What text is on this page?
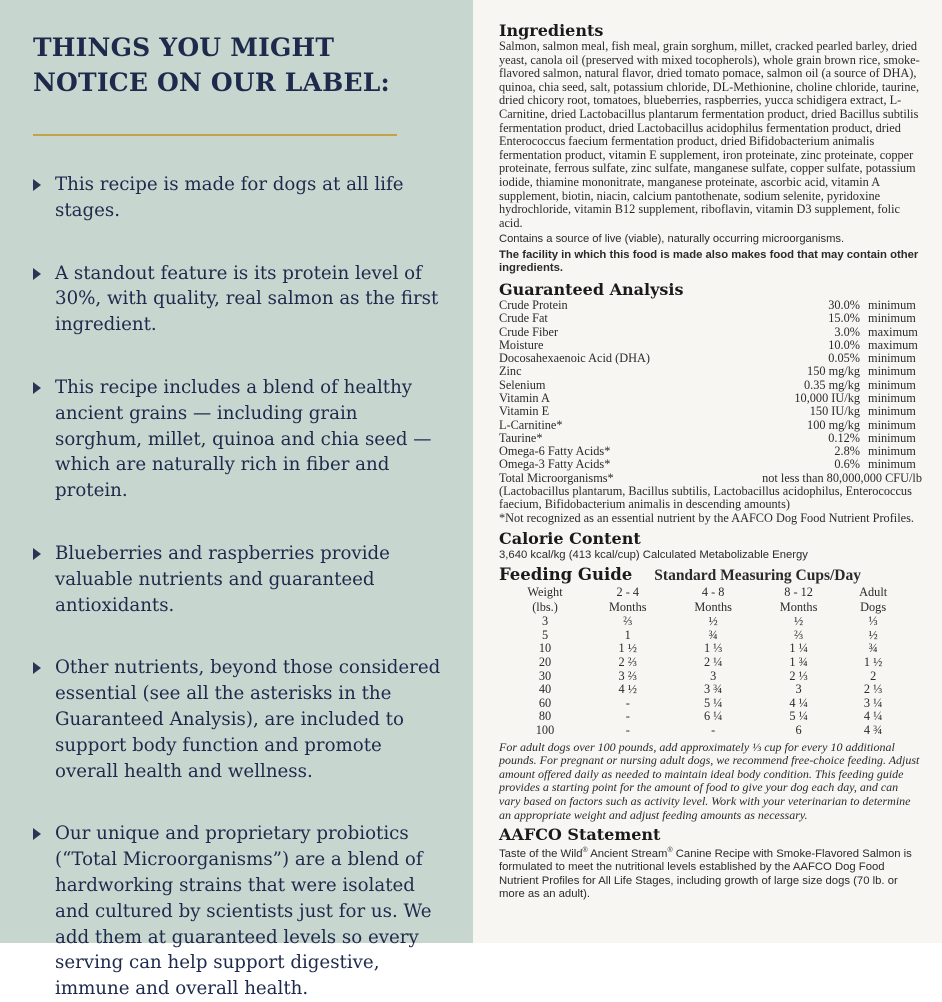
THINGS YOU MIGHT
NOTICE ON OUR LABEL:
This recipe is made for dogs at all life stages.
A standout feature is its protein level of 30%, with quality, real salmon as the first ingredient.
This recipe includes a blend of healthy ancient grains — including grain sorghum, millet, quinoa and chia seed — which are naturally rich in fiber and protein.
Blueberries and raspberries provide valuable nutrients and guaranteed antioxidants.
Other nutrients, beyond those considered essential (see all the asterisks in the Guaranteed Analysis), are included to support body function and promote overall health and wellness.
Our unique and proprietary probiotics (“Total Microorganisms”) are a blend of hardworking strains that were isolated and cultured by scientists just for us. We add them at guaranteed levels so every serving can help support digestive, immune and overall health.
Ingredients

Salmon, salmon meal, fish meal, grain sorghum, millet, cracked pearled barley, dried yeast, canola oil (preserved with mixed tocopherols), whole grain brown rice, smoke-flavored salmon, natural flavor, dried tomato pomace, salmon oil (a source of DHA), quinoa, chia seed, salt, potassium chloride, DL-Methionine, choline chloride, taurine, dried chicory root, tomatoes, blueberries, raspberries, yucca schidigera extract, L-Carnitine, dried Lactobacillus plantarum fermentation product, dried Bacillus subtilis fermentation product, dried Lactobacillus acidophilus fermentation product, dried Enterococcus faecium fermentation product, dried Bifidobacterium animalis fermentation product, vitamin E supplement, iron proteinate, zinc proteinate, copper proteinate, ferrous sulfate, zinc sulfate, manganese sulfate, copper sulfate, potassium iodide, thiamine mononitrate, manganese proteinate, ascorbic acid, vitamin A supplement, biotin, niacin, calcium pantothenate, sodium selenite, pyridoxine hydrochloride, vitamin B12 supplement, riboflavin, vitamin D3 supplement, folic acid.

Contains a source of live (viable), naturally occurring microorganisms.

The facility in which this food is made also makes food that may contain other ingredients.

Guaranteed Analysis
Crude Protein	30.0%	minimum
Crude Fat	15.0%	minimum
Crude Fiber	3.0%	maximum
Moisture	10.0%	maximum
Docosahexaenoic Acid (DHA)	0.05%	minimum
Zinc	150 mg/kg	minimum
Selenium	0.35 mg/kg	minimum
Vitamin A	10,000 IU/kg	minimum
Vitamin E	150 IU/kg	minimum
L-Carnitine*	100 mg/kg	minimum
Taurine*	0.12%	minimum
Omega-6 Fatty Acids*	2.8%	minimum
Omega-3 Fatty Acids*	0.6%	minimum
Total Microorganisms*	not less than 80,000,000 CFU/lb	

(Lactobacillus plantarum, Bacillus subtilis, Lactobacillus acidophilus, Enterococcus faecium, Bifidobacterium animalis in descending amounts)

*Not recognized as an essential nutrient by the AAFCO Dog Food Nutrient Profiles.

Calorie Content

3,640 kcal/kg (413 kcal/cup) Calculated Metabolizable Energy

Feeding Guide Standard Measuring Cups/Day
Weight	2 - 4	4 - 8	8 - 12	Adult
(lbs.)	Months	Months	Months	Dogs
3	⅔	½	½	⅓
5	1	¾	⅔	½
10	1 ½	1 ⅓	1 ¼	¾
20	2 ⅔	2 ¼	1 ¾	1 ½
30	3 ⅔	3	2 ⅓	2
40	4 ½	3 ¾	3	2 ⅓
60	-	5 ¼	4 ¼	3 ¼
80	-	6 ¼	5 ¼	4 ¼
100	-	-	6	4 ¾

For adult dogs over 100 pounds, add approximately ⅓ cup for every 10 additional pounds. For pregnant or nursing adult dogs, we recommend free-choice feeding. Adjust amount offered daily as needed to maintain ideal body condition. This feeding guide provides a starting point for the amount of food to give your dog each day, and can vary based on factors such as activity level. Work with your veterinarian to determine an appropriate weight and adjust feeding amounts as necessary.

AAFCO Statement

Taste of the Wild® Ancient Stream® Canine Recipe with Smoke-Flavored Salmon is formulated to meet the nutritional levels established by the AAFCO Dog Food Nutrient Profiles for All Life Stages, including growth of large size dogs (70 lb. or more as an adult).
